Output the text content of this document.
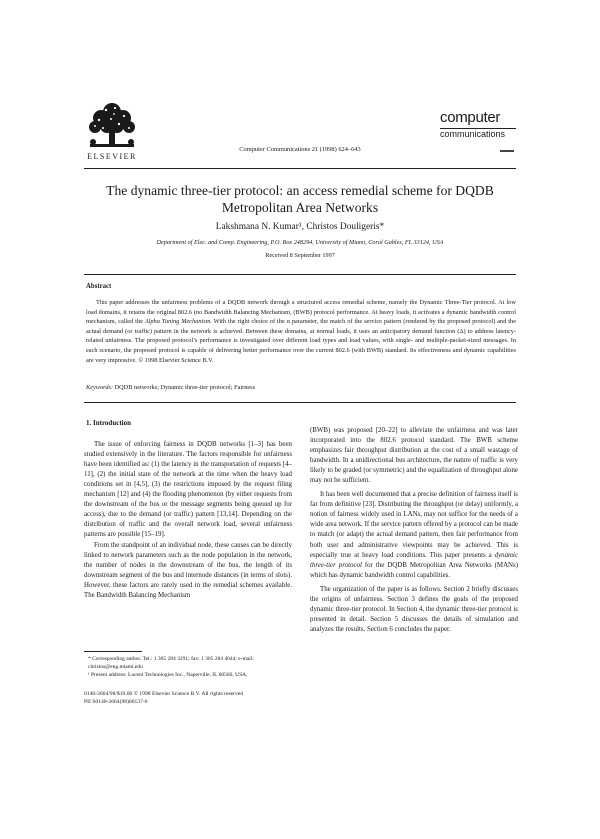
ELSEVIER
Computer Communications 21 (1998) 624–643
computer
communications
The dynamic three-tier protocol: an access remedial scheme for DQDB Metropolitan Area Networks
Lakshmana N. Kumar¹, Christos Douligeris*
Department of Elec. and Comp. Engineering, P.O. Box 248294, University of Miami, Coral Gables, FL 33124, USA
Received 8 September 1997
Abstract
This paper addresses the unfairness problems of a DQDB network through a structured access remedial scheme, namely the Dynamic Three-Tier protocol. At low load domains, it retains the original 802.6 (no Bandwidth Balancing Mechanism, (BWB) protocol performance. At heavy loads, it activates a dynamic bandwidth control mechanism, called the Alpha Tuning Mechanism. With the right choice of the α parameter, the match of the service pattern (rendered by the proposed protocol) and the actual demand (or traffic) pattern in the network is achieved. Between these domains, at normal loads, it uses an anticipatory demand function (Δ) to address latency-related unfairness. The proposed protocol’s performance is investigated over different load types and load values, with single- and multiple-packet-sized messages. In each scenario, the proposed protocol is capable of delivering better performance over the current 802.6 (with BWB) standard. Its effectiveness and dynamic capabilities are very impressive. © 1998 Elsevier Science B.V.
Keywords: DQDB networks; Dynamic three-tier protocol; Fairness
1. Introduction

The issue of enforcing fairness in DQDB networks [1–3] has been studied extensively in the literature. The factors responsible for unfairness have been identified as: (1) the latency in the transportation of requests [4–11], (2) the initial state of the network at the time when the heavy load conditions set in [4,5], (3) the restrictions imposed by the request filing mechanism [12] and (4) the flooding phenomenon (by either requests from the downstream of the bus or the message segments being queued up for access), due to the demand (or traffic) pattern [13,14]. Depending on the distribution of traffic and the overall network load, several unfairness patterns are possible [15–19].

From the standpoint of an individual node, these causes can be directly linked to network parameters such as the node population in the network, the number of nodes in the downstream of the bus, the length of its downstream segment of the bus and internode distances (in terms of slots). However, these factors are rarely used in the remedial schemes available. The Bandwidth Balancing Mechanism

(BWB) was proposed [20–22] to alleviate the unfairness and was later incorporated into the 802.6 protocol standard. The BWB scheme emphasizes fair throughput distribution at the cost of a small wastage of bandwidth. In a unidirectional bus architecture, the nature of traffic is very likely to be graded (or symmetric) and the equalization of throughput alone may not be sufficient.

It has been well documented that a precise definition of fairness itself is far from definitive [23]. Distributing the throughput (or delay) uniformly, a notion of fairness widely used in LANs, may not suffice for the needs of a wide area network. If the service pattern offered by a protocol can be made to match (or adapt) the actual demand pattern, then fair performance from both user and administrative viewpoints may be achieved. This is especially true at heavy load conditions. This paper presents a dynamic three-tier protocol for the DQDB Metropolitan Area Networks (MANs) which has dynamic bandwidth control capabilities.

The organization of the paper is as follows. Section 2 briefly discusses the origins of unfairness. Section 3 defines the goals of the proposed dynamic three-tier protocol. In Section 4, the dynamic three-tier protocol is presented in detail. Section 5 discusses the details of simulation and analyzes the results. Section 6 concludes the paper.

* Corresponding author. Tel.: 1 305 284 3291; fax: 1 305 284 4044; e-mail: christos@eng.miami.edu

¹ Present address: Lucent Technologies Inc., Naperville, IL 60566, USA.

0140-3664/98/$19.00 © 1998 Elsevier Science B.V. All rights reserved

PII S0140-3664(98)00137-6
